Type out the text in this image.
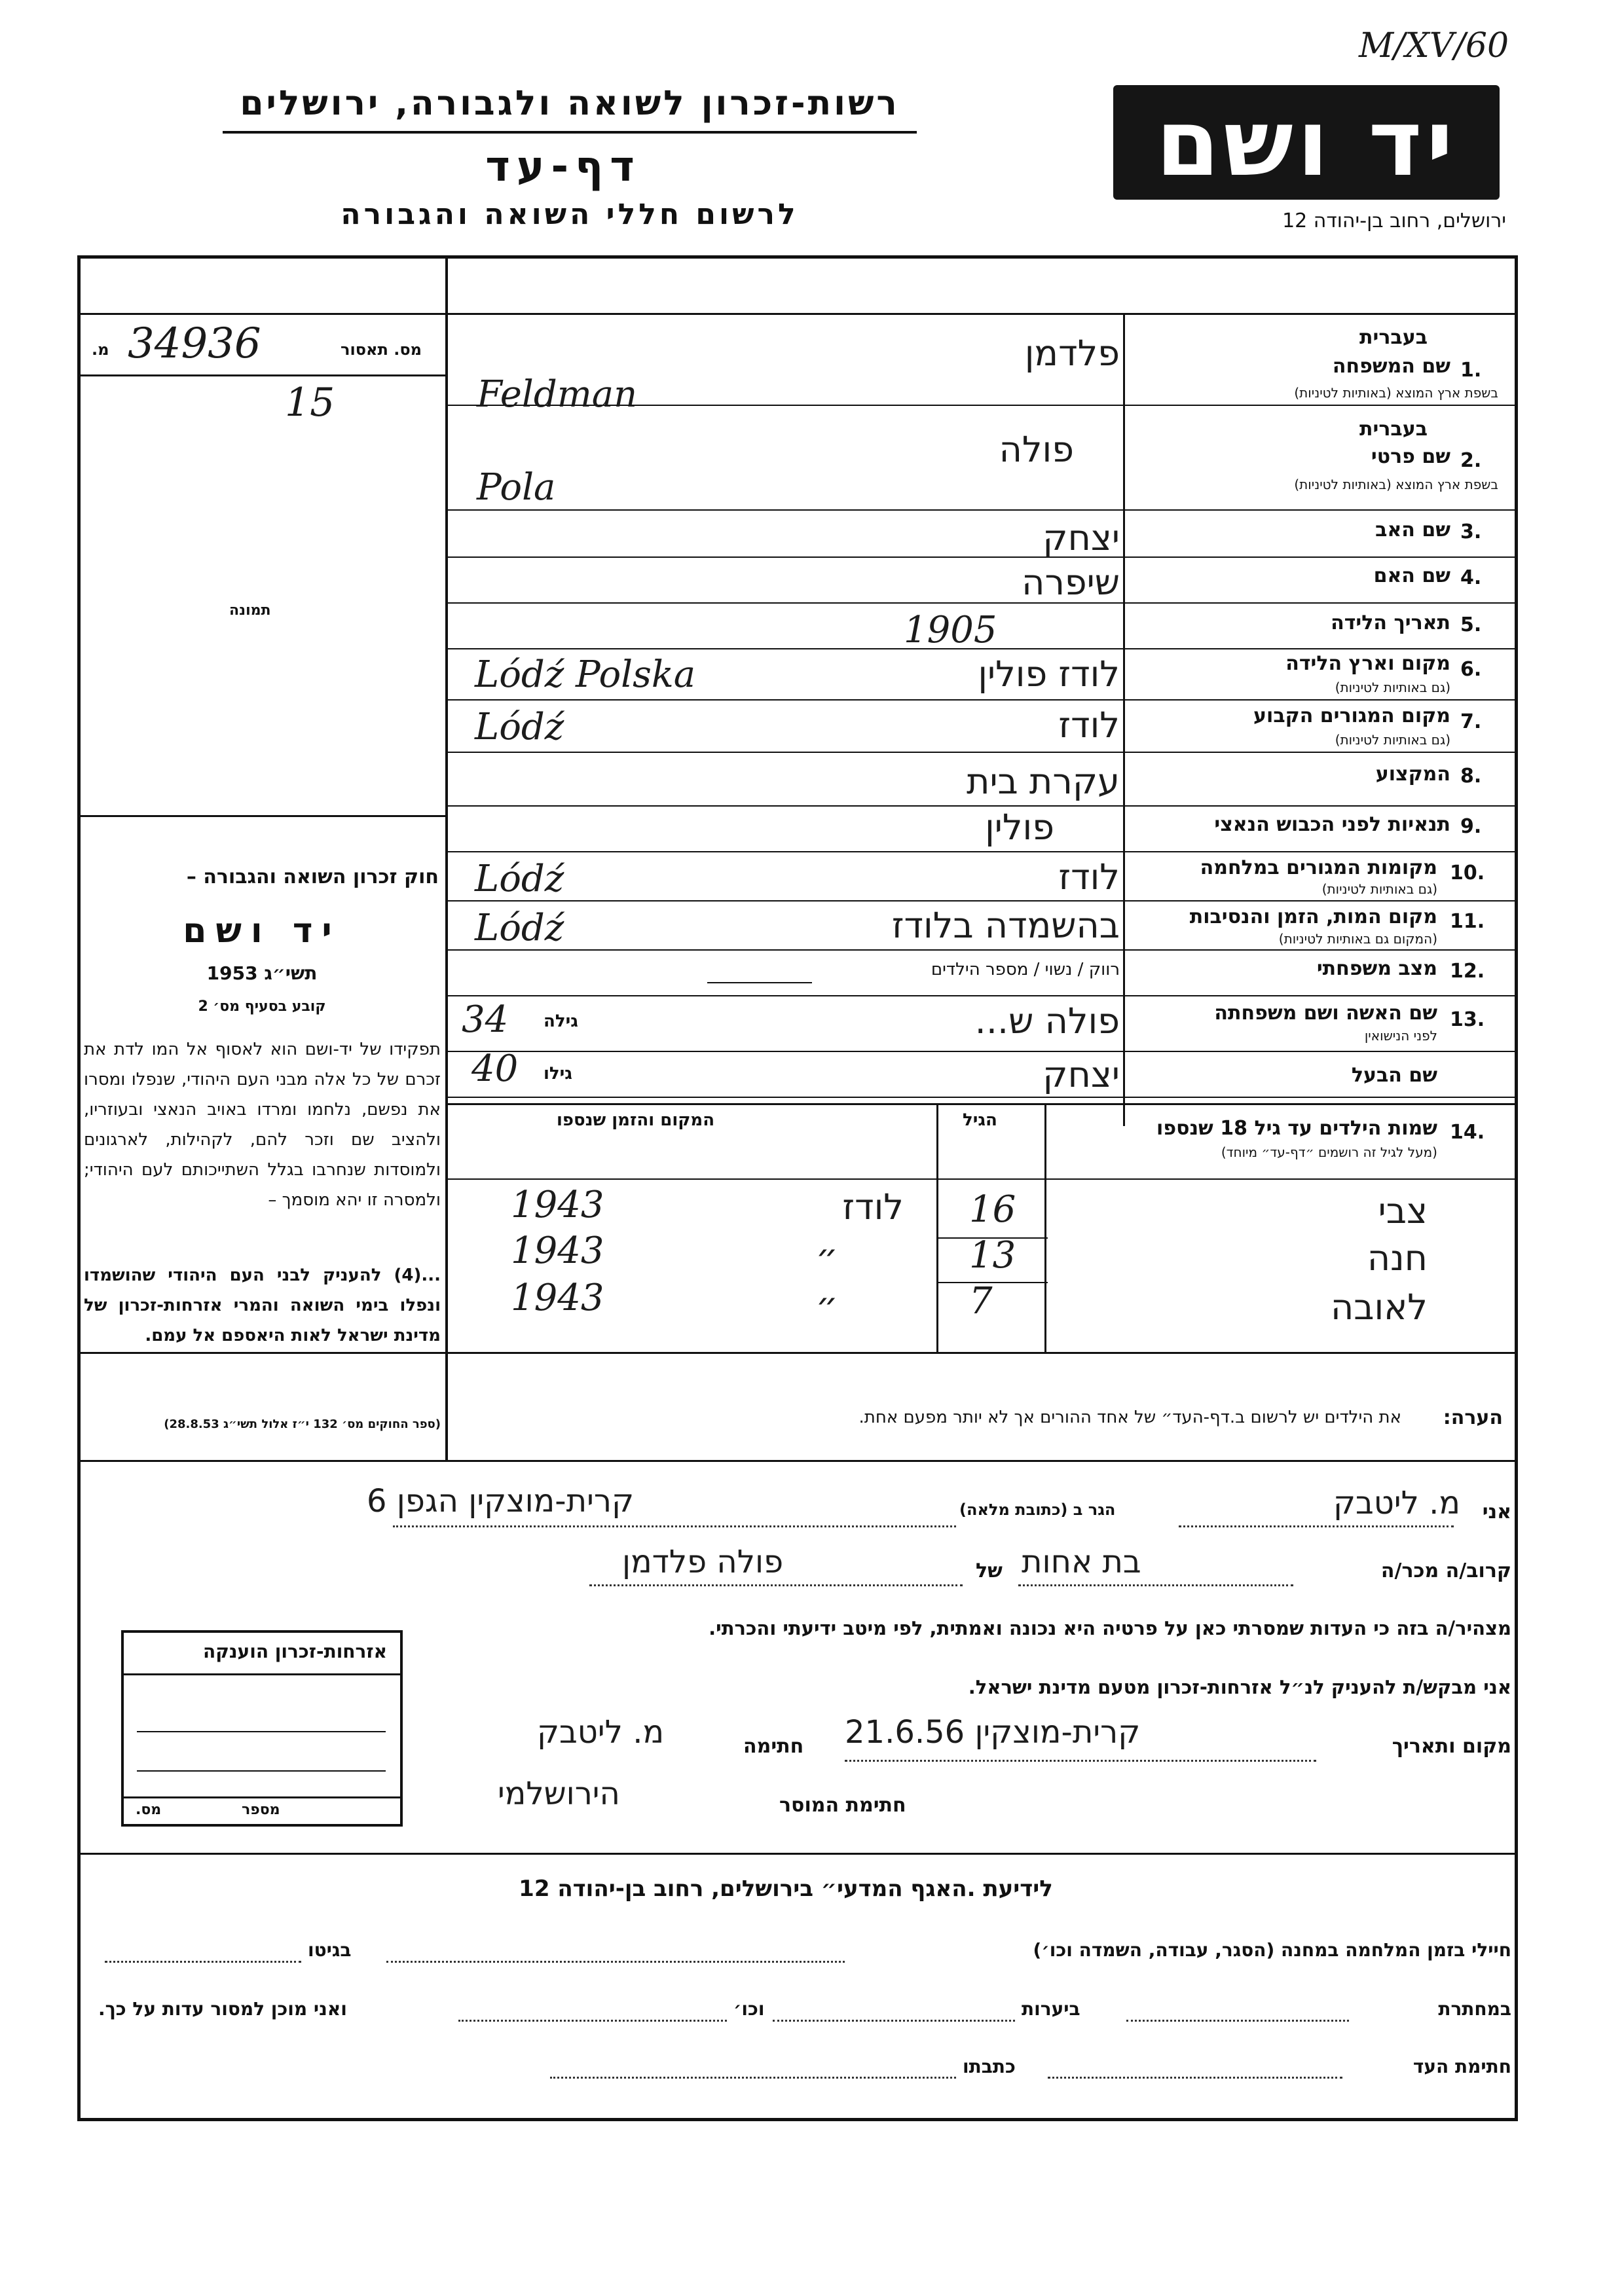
M/XV/60
יד ושם
רשות-זכרון לשואה ולגבורה, ירושלים
דף-עד
לרשום חללי השואה והגבורה	ירושלים, רחוב בן-יהודה 12
מס. תאסור
מ. 34936
15
תמונה
חוק זכרון השואה והגבורה –
יד ושם
תשי״ג 1953
קובע בסעיף מס׳ 2
תפקידו של יד-ושם הוא לאסוף אל המו לדת את זכרם של כל אלה מבני העם היהודי, שנפלו ומסרו את נפשם, נלחמו ומרדו באויב הנאצי ובעוזריו, ולהציב שם וזכר להם, לקהילות, לארגונים ולמוסדות שנחרבו בגלל השתייכותם לעם היהודי; ולמסרה זו יהא מוסמך –
...(4) להעניק לבני העם היהודי שהושמדו ונפלו בימי השואה והמרי אזרחות-זכרון של מדינת ישראל לאות היאספם אל עמם.
(ספר החוקים מס׳ 132 י״ז אלול תשי״ג 28.8.53)
בעברית
1.
שם המשפחה
בשפת ארץ המוצא (באותיות לטיניות)
פלדמן
Feldman
בעברית
2.
שם פרטי
בשפת ארץ המוצא (באותיות לטיניות)
פולה
Pola
3.
שם האב
יצחק
4.
שם האם
שיפרה
5.
תאריך הלידה
1905
6.
מקום וארץ הלידה
(גם באותיות לטיניות)
לודז פולין
Lódź Polska
7.
מקום המגורים הקבוע
(גם באותיות לטיניות)
לודז
Lódź
8.
המקצוע
עקרת בית
9.
תנאיות לפני הכבוש הנאצי
פולין
10.
מקומות המגורים במלחמה
(גם באותיות לטיניות)
לודז
Lódź
11.
מקום המות, הזמן והנסיבות
(המקום גם באותיות לטיניות)
בהשמדה בלודז
Lódź
12.
מצב משפחתי
רווק / נשוי / מספר הילדים
13.
שם האשה ושם משפחתה
לפני הנישואין
פולה ש...
גילה
34
שם הבעל
יצחק
גילו
40
14.
שמות הילדים עד גיל 18 שנספו
(מעל לגיל זה רושמים ״דף-עד״ מיוחד)
הגיל
המקום והזמן שנספו
צבי
16
לודז
1943
חנה
13
״
1943
לאובה
7
״
1943
הערה:
את הילדים יש לרשום ב.דף-העד״ של אחד ההורים אך לא יותר מפעם אחת.
אני
מ. ליטבק
הגר ב (כתובת מלאה)
קרית-מוצקין הגפן 6
קרוב/ה מכר/ה
בת אחות
של
פולה פלדמן
מצהיר/ה בזה כי העדות שמסרתי כאן על פרטיה היא נכונה ואמתית, לפי מיטב ידיעתי והכרתי.
אני מבקש/ת להעניק לנ״ל אזרחות-זכרון מטעם מדינת ישראל.
מקום ותאריך
קרית-מוצקין 21.6.56
חתימה
מ. ליטבק
חתימת המוסר
הירושלמי
אזרחות-זכרון הוענקה
מספר
מס.
לידיעת .האגף המדעי״ בירושלים, רחוב בן-יהודה 12
חיילי בזמן המלחמה במחנה (הסגר, עבודה, השמדה וכו׳)
בגיטו
במחתרת
ביערות
וכו׳
ואני מוכן למסור עדות על כך.
חתימת העד
כתבתו
